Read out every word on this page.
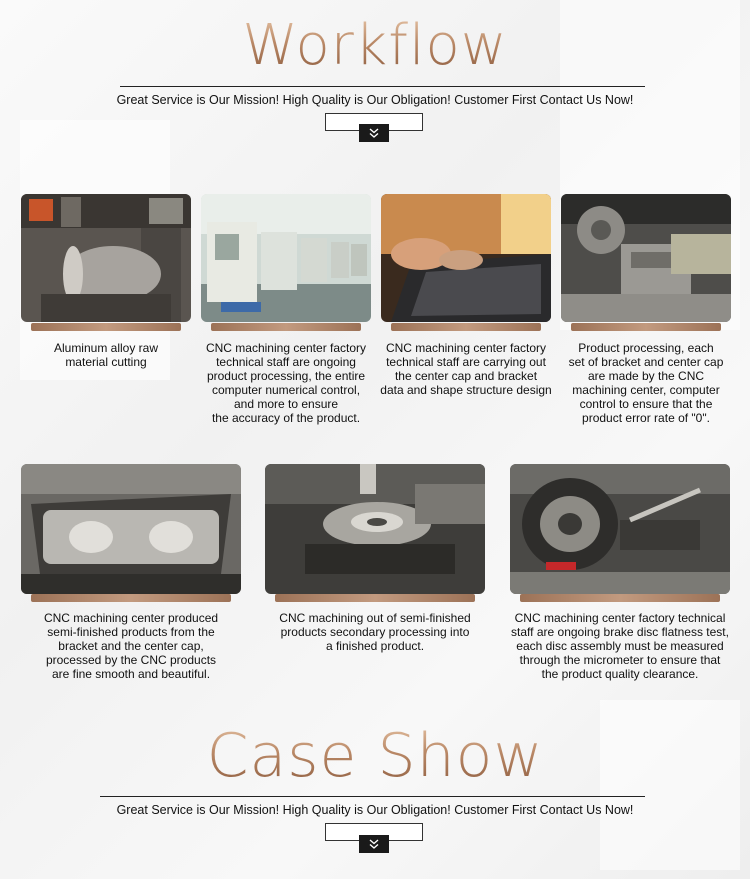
Workflow
Great Service is Our Mission! High Quality is Our Obligation! Customer First Contact Us Now!
Aluminum alloy raw
material cutting
CNC machining center factory
technical staff are ongoing
product processing, the entire
computer numerical control,
and more to ensure
the accuracy of the product.
CNC machining center factory
technical staff are carrying out
the center cap and bracket
data and shape structure design
Product processing, each
set of bracket and center cap
are made by the CNC
machining center, computer
control to ensure that the
product error rate of "0".
CNC machining center produced
semi-finished products from the
bracket and the center cap,
processed by the CNC products
are fine smooth and beautiful.
CNC machining out of semi-finished
products secondary processing into
a finished product.
CNC machining center factory technical
staff are ongoing brake disc flatness test,
each disc assembly must be measured
through the micrometer to ensure that
the product quality clearance.
Case Show
Great Service is Our Mission! High Quality is Our Obligation! Customer First Contact Us Now!
